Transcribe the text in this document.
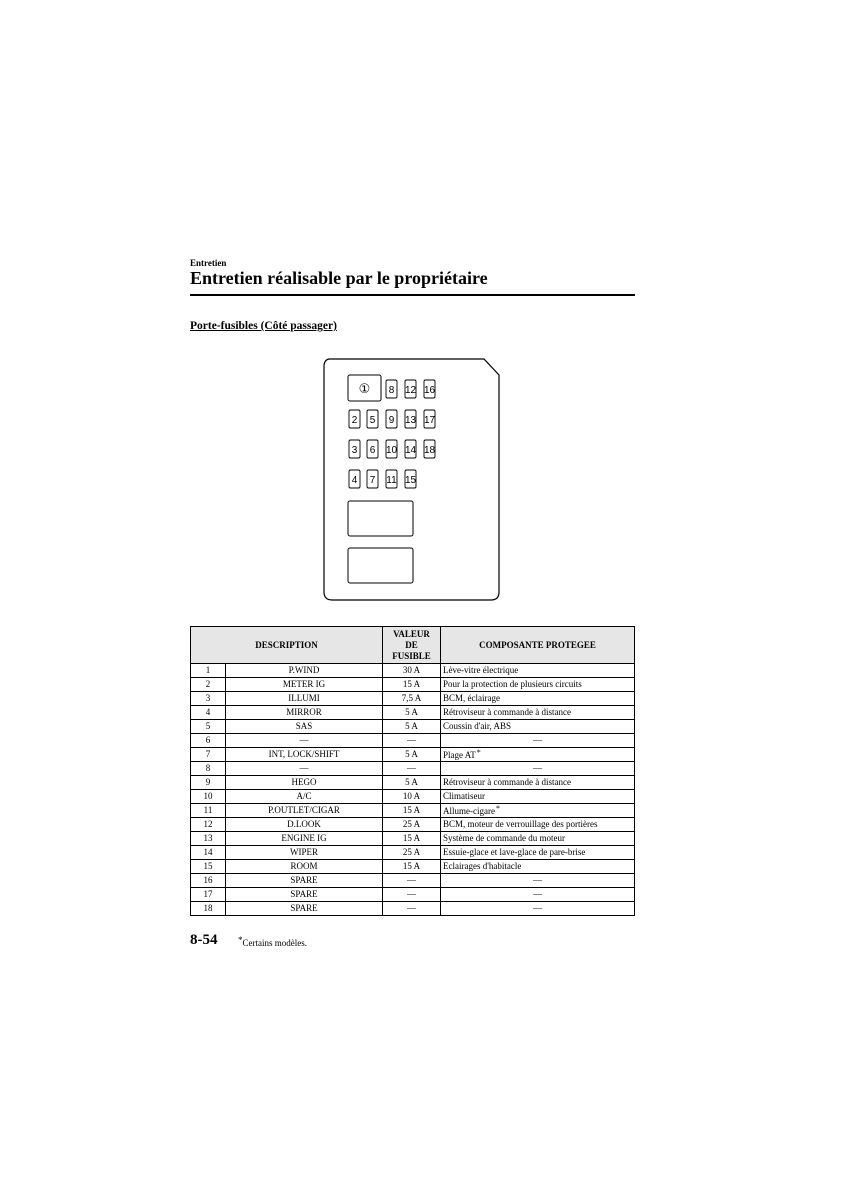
Entretien
Entretien réalisable par le propriétaire
Porte-fusibles (Côté passager)
①
2
3
4
5
6
7
8
9
10
11
12
13
14
15
16
17
18
DESCRIPTION		VALEUR
DE
FUSIBLE	COMPOSANTE PROTEGEE
1	P.WIND	30 A	Lève-vitre électrique
2	METER IG	15 A	Pour la protection de plusieurs circuits
3	ILLUMI	7,5 A	BCM, éclairage
4	MIRROR	5 A	Rétroviseur à commande à distance
5	SAS	5 A	Coussin d'air, ABS
6	—	—	—
7	INT, LOCK/SHIFT	5 A	Plage AT*
8	—	—	—
9	HEGO	5 A	Rétroviseur à commande à distance
10	A/C	10 A	Climatiseur
11	P.OUTLET/CIGAR	15 A	Allume-cigare*
12	D.LOOK	25 A	BCM, moteur de verrouillage des portières
13	ENGINE IG	15 A	Système de commande du moteur
14	WIPER	25 A	Essuie-glace et lave-glace de pare-brise
15	ROOM	15 A	Eclairages d'habitacle
16	SPARE	—	—
17	SPARE	—	—
18	SPARE	—	—
8-54 *Certains modèles.
